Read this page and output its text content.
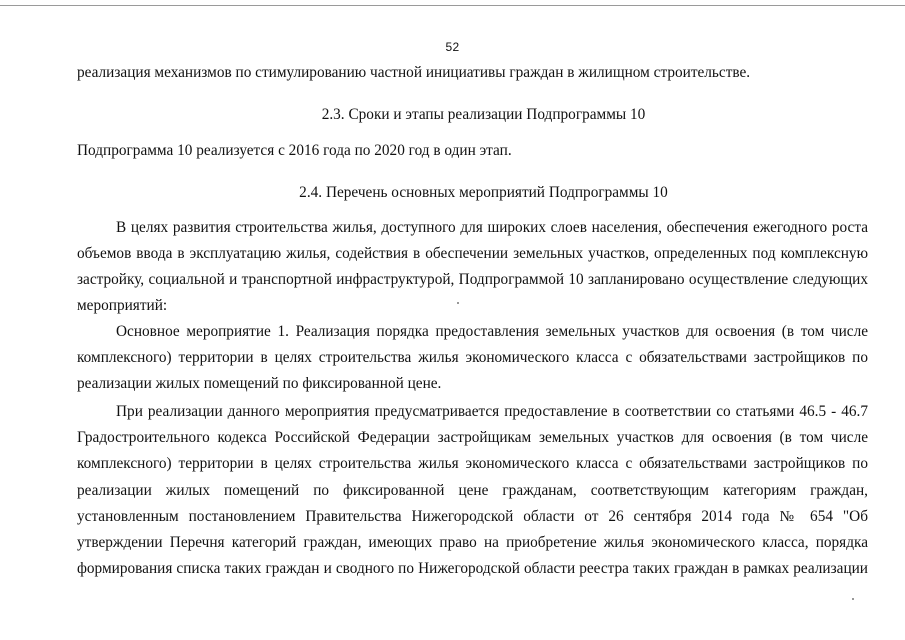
52
реализация механизмов по стимулированию частной инициативы граждан в жилищном строительстве.
2.3. Сроки и этапы реализации Подпрограммы 10
Подпрограмма 10 реализуется с 2016 года по 2020 год в один этап.
2.4. Перечень основных мероприятий Подпрограммы 10
В целях развития строительства жилья, доступного для широких слоев населения, обеспечения ежегодного роста
объемов ввода в эксплуатацию жилья, содействия в обеспечении земельных участков, определенных под комплексную
застройку, социальной и транспортной инфраструктурой, Подпрограммой 10 запланировано осуществление следующих
мероприятий:
Основное мероприятие 1. Реализация порядка предоставления земельных участков для освоения (в том числе
комплексного) территории в целях строительства жилья экономического класса с обязательствами застройщиков по
реализации жилых помещений по фиксированной цене.
При реализации данного мероприятия предусматривается предоставление в соответствии со статьями 46.5 - 46.7
Градостроительного кодекса Российской Федерации застройщикам земельных участков для освоения (в том числе
комплексного) территории в целях строительства жилья экономического класса с обязательствами застройщиков по
реализации жилых помещений по фиксированной цене гражданам, соответствующим категориям граждан,
установленным постановлением Правительства Нижегородской области от 26 сентября 2014 года № 654 "Об
утверждении Перечня категорий граждан, имеющих право на приобретение жилья экономического класса, порядка
формирования списка таких граждан и сводного по Нижегородской области реестра таких граждан в рамках реализации
